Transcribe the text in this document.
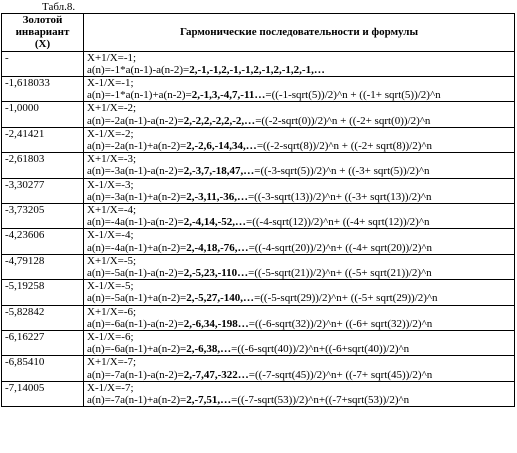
Табл.8.
Золотой
инвариант
(X)	Гармонические последовательности и формулы
-	X+1/X=-1;
a(n)=-1*a(n-1)-a(n-2)=2,-1,-1,2,-1,-1,2,-1,2,-1,2,-1,…

-1,618033	X-1/X=-1;
a(n)=-1*a(n-1)+a(n-2)=2,-1,3,-4,7,-11…=((-1-sqrt(5))/2)^n + ((-1+ sqrt(5))/2)^n

-1,0000	X+1/X=-2;
a(n)=-2a(n-1)-a(n-2)=2,-2,2,-2,2,-2,…=((-2-sqrt(0))/2)^n + ((-2+ sqrt(0))/2)^n

-2,41421	X-1/X=-2;
a(n)=-2a(n-1)+a(n-2)=2,-2,6,-14,34,…=((-2-sqrt(8))/2)^n + ((-2+ sqrt(8))/2)^n

-2,61803	X+1/X=-3;
a(n)=-3a(n-1)-a(n-2)=2,-3,7,-18,47,…=((-3-sqrt(5))/2)^n + ((-3+ sqrt(5))/2)^n

-3,30277	X-1/X=-3;
a(n)=-3a(n-1)+a(n-2)=2,-3,11,-36,…=((-3-sqrt(13))/2)^n+ ((-3+ sqrt(13))/2)^n

-3,73205	X+1/X=-4;
a(n)=-4a(n-1)-a(n-2)=2,-4,14,-52,…=((-4-sqrt(12))/2)^n+ ((-4+ sqrt(12))/2)^n

-4,23606	X-1/X=-4;
a(n)=-4a(n-1)+a(n-2)=2,-4,18,-76,…=((-4-sqrt(20))/2)^n+ ((-4+ sqrt(20))/2)^n

-4,79128	X+1/X=-5;
a(n)=-5a(n-1)-a(n-2)=2,-5,23,-110…=((-5-sqrt(21))/2)^n+ ((-5+ sqrt(21))/2)^n

-5,19258	X-1/X=-5;
a(n)=-5a(n-1)+a(n-2)=2,-5,27,-140,…=((-5-sqrt(29))/2)^n+ ((-5+ sqrt(29))/2)^n

-5,82842	X+1/X=-6;
a(n)=-6a(n-1)-a(n-2)=2,-6,34,-198…=((-6-sqrt(32))/2)^n+ ((-6+ sqrt(32))/2)^n

-6,16227	X-1/X=-6;
a(n)=-6a(n-1)+a(n-2)=2,-6,38,…=((-6-sqrt(40))/2)^n+((-6+sqrt(40))/2)^n

-6,85410	X+1/X=-7;
a(n)=-7a(n-1)-a(n-2)=2,-7,47,-322…=((-7-sqrt(45))/2)^n+ ((-7+ sqrt(45))/2)^n

-7,14005	X-1/X=-7;
a(n)=-7a(n-1)+a(n-2)=2,-7,51,…=((-7-sqrt(53))/2)^n+((-7+sqrt(53))/2)^n
